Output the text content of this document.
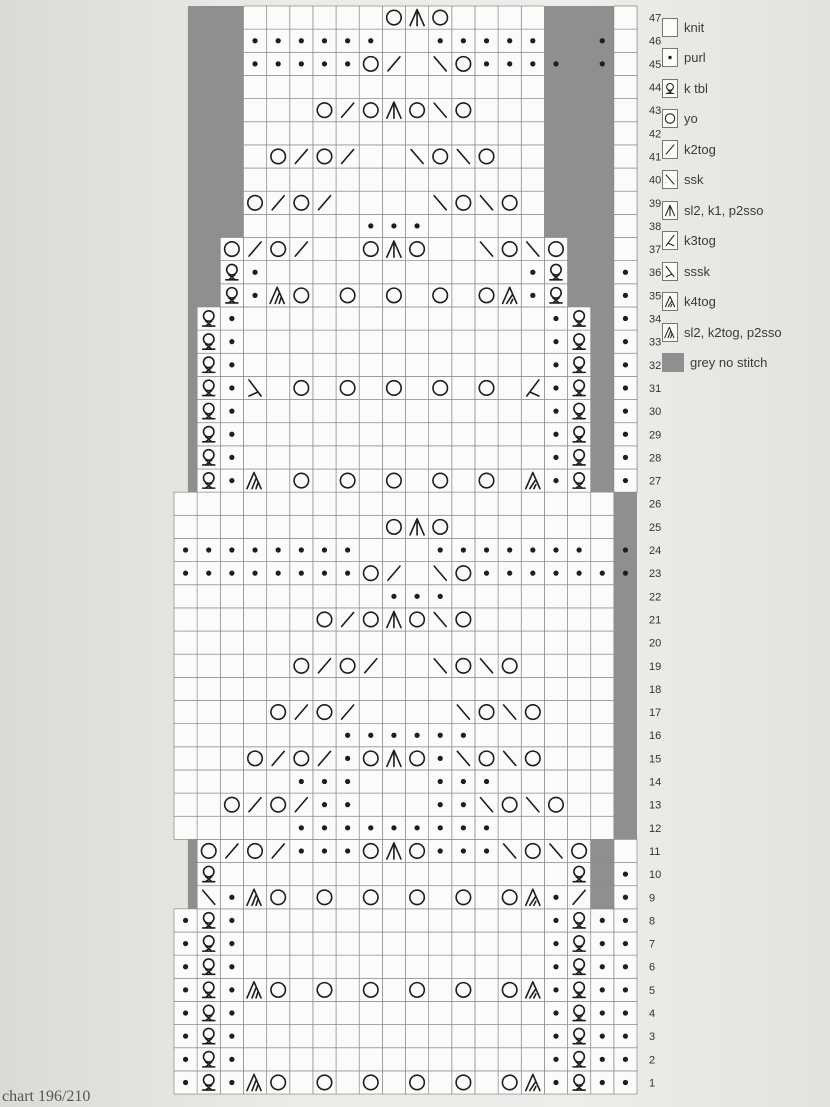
47
46
45
44
43
42
41
40
39
38
37
36
35
34
33
32
31
30
29
28
27
26
25
24
23
22
21
20
19
18
17
16
15
14
13
12
11
10
9
8
7
6
5
4
3
2
1
knit
purl
k tbl
yo
k2tog
ssk
sl2, k1, p2sso
k3tog
sssk
k4tog
sl2, k2tog, p2sso
grey no stitch
chart 196/210
